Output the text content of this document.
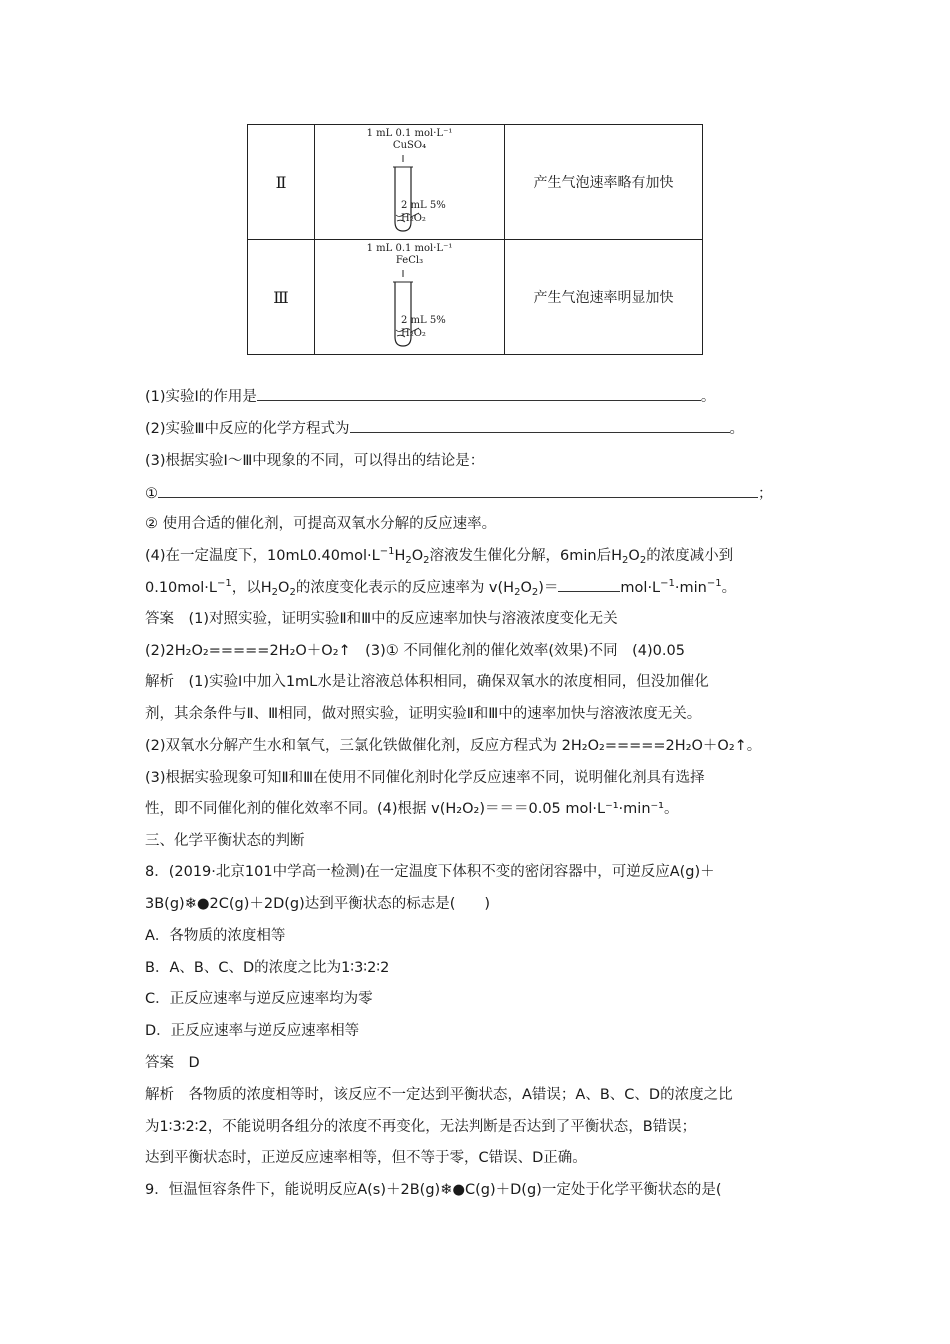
Ⅱ	1 mL 0.1 mol·L⁻¹
CuSO₄
2 mL 5%
H₂O₂	产生气泡速率略有加快
Ⅲ	1 mL 0.1 mol·L⁻¹
FeCl₃
2 mL 5%
H₂O₂	产生气泡速率明显加快
(1)实验Ⅰ的作用是	。
(2)实验Ⅲ中反应的化学方程式为	。
(3)根据实验Ⅰ～Ⅲ中现象的不同，可以得出的结论是：
①	；
② 使用合适的催化剂，可提高双氧水分解的反应速率。
(4)在一定温度下，$10mL0.40mol\cdot L^{-1}H_2O_2$溶液发生催化分解，6min后$H_2O_2$的浓度减小到
$0.10mol\cdot L^{-1}$，以$H_2O_2$的浓度变化表示的反应速率为 $v(H_2O_2)=$	$mol\cdot L^{-1}\cdot\min^{-1}$。
答案　(1)对照实验，证明实验Ⅱ和Ⅲ中的反应速率加快与溶液浓度变化无关
(2)2H₂O₂=====2H₂O＋O₂↑　(3)① 不同催化剂的催化效率(效果)不同　(4)0.05
解析　(1)实验Ⅰ中加入1mL水是让溶液总体积相同，确保双氧水的浓度相同，但没加催化
剂，其余条件与Ⅱ、Ⅲ相同，做对照实验，证明实验Ⅱ和Ⅲ中的速率加快与溶液浓度无关。
(2)双氧水分解产生水和氧气，三氯化铁做催化剂，反应方程式为 2H₂O₂=====2H₂O＋O₂↑。
(3)根据实验现象可知Ⅱ和Ⅲ在使用不同催化剂时化学反应速率不同，说明催化剂具有选择
性，即不同催化剂的催化效率不同。(4)根据 v(H₂O₂)＝＝＝0.05 mol·L⁻¹·min⁻¹。
三、化学平衡状态的判断
8．(2019·北京101中学高一检测)在一定温度下体积不变的密闭容器中，可逆反应A(g)＋
3B(g)❄●2C(g)＋2D(g)达到平衡状态的标志是(　　)
A．各物质的浓度相等
B．A、B、C、D的浓度之比为1∶3∶2∶2
C．正反应速率与逆反应速率均为零
D．正反应速率与逆反应速率相等
答案　D
解析　各物质的浓度相等时，该反应不一定达到平衡状态，A错误；A、B、C、D的浓度之比
为1∶3∶2∶2，不能说明各组分的浓度不再变化，无法判断是否达到了平衡状态，B错误；
达到平衡状态时，正逆反应速率相等，但不等于零，C错误、D正确。
9．恒温恒容条件下，能说明反应A(s)＋2B(g)❄●C(g)＋D(g)一定处于化学平衡状态的是(
